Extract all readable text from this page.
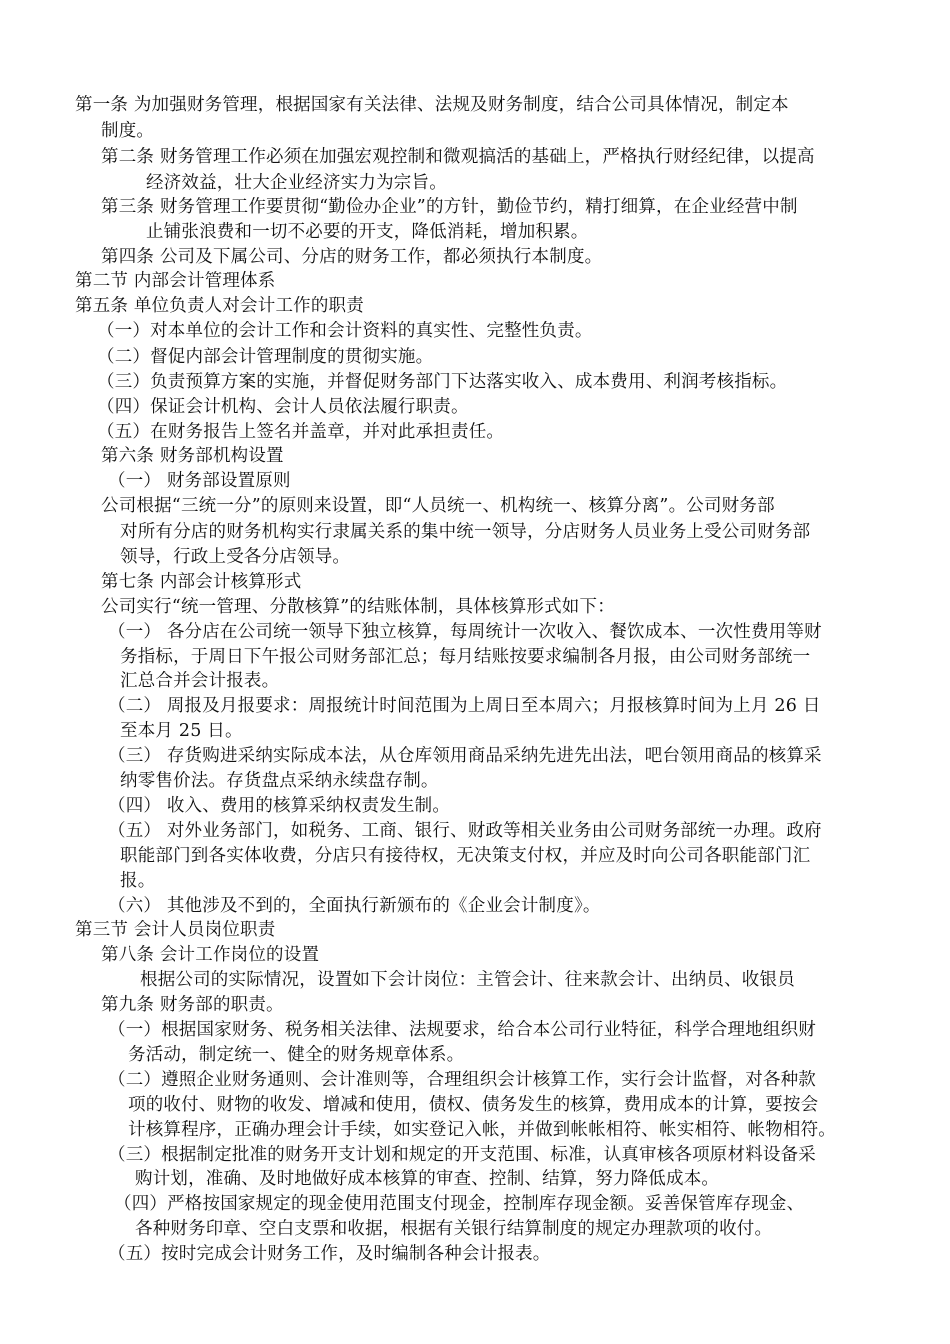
第一条 为加强财务管理，根据国家有关法律、法规及财务制度，结合公司具体情况，制定本
制度。
第二条 财务管理工作必须在加强宏观控制和微观搞活的基础上，严格执行财经纪律，以提高
经济效益，壮大企业经济实力为宗旨。
第三条 财务管理工作要贯彻“勤俭办企业”的方针，勤俭节约，精打细算，在企业经营中制
止铺张浪费和一切不必要的开支，降低消耗，增加积累。
第四条 公司及下属公司、分店的财务工作，都必须执行本制度。
第二节 内部会计管理体系
第五条 单位负责人对会计工作的职责
（一）对本单位的会计工作和会计资料的真实性、完整性负责。
（二）督促内部会计管理制度的贯彻实施。
（三）负责预算方案的实施，并督促财务部门下达落实收入、成本费用、利润考核指标。
（四）保证会计机构、会计人员依法履行职责。
（五）在财务报告上签名并盖章，并对此承担责任。
第六条 财务部机构设置
（一） 财务部设置原则
公司根据“三统一分”的原则来设置，即“人员统一、机构统一、核算分离”。公司财务部
对所有分店的财务机构实行隶属关系的集中统一领导，分店财务人员业务上受公司财务部
领导，行政上受各分店领导。
第七条 内部会计核算形式
公司实行“统一管理、分散核算”的结账体制，具体核算形式如下：
（一） 各分店在公司统一领导下独立核算，每周统计一次收入、餐饮成本、一次性费用等财
务指标，于周日下午报公司财务部汇总；每月结账按要求编制各月报，由公司财务部统一
汇总合并会计报表。
（二） 周报及月报要求：周报统计时间范围为上周日至本周六；月报核算时间为上月 26 日
至本月 25 日。
（三） 存货购进采纳实际成本法，从仓库领用商品采纳先进先出法，吧台领用商品的核算采
纳零售价法。存货盘点采纳永续盘存制。
（四） 收入、费用的核算采纳权责发生制。
（五） 对外业务部门，如税务、工商、银行、财政等相关业务由公司财务部统一办理。政府
职能部门到各实体收费，分店只有接待权，无决策支付权，并应及时向公司各职能部门汇
报。
（六） 其他涉及不到的，全面执行新颁布的《企业会计制度》。
第三节 会计人员岗位职责
第八条 会计工作岗位的设置
根据公司的实际情况，设置如下会计岗位：主管会计、往来款会计、出纳员、收银员
第九条 财务部的职责。
（一）根据国家财务、税务相关法律、法规要求，给合本公司行业特征，科学合理地组织财
务活动，制定统一、健全的财务规章体系。
（二）遵照企业财务通则、会计准则等，合理组织会计核算工作，实行会计监督，对各种款
项的收付、财物的收发、增减和使用，债权、债务发生的核算，费用成本的计算，要按会
计核算程序，正确办理会计手续，如实登记入帐，并做到帐帐相符、帐实相符、帐物相符。
（三）根据制定批准的财务开支计划和规定的开支范围、标准，认真审核各项原材料设备采
购计划，准确、及时地做好成本核算的审查、控制、结算，努力降低成本。
（四）严格按国家规定的现金使用范围支付现金，控制库存现金额。妥善保管库存现金、
各种财务印章、空白支票和收据，根据有关银行结算制度的规定办理款项的收付。
（五）按时完成会计财务工作，及时编制各种会计报表。
